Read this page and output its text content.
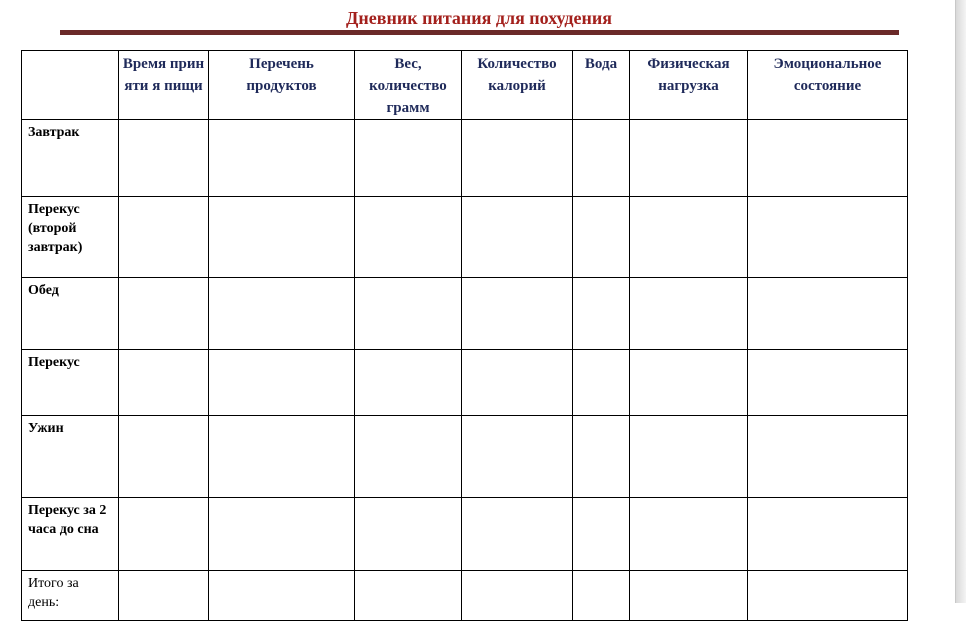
Дневник питания для похудения

	Время приняти я пищи	Перечень продуктов	Вес, количество грамм	Количество калорий	Вода	Физическая нагрузка	Эмоциональное состояние

Завтрак							

Перекус (второй завтрак)							

Обед							
Перекус							
Ужин							

Перекус за 2 часа до сна							

Итого за день:							
